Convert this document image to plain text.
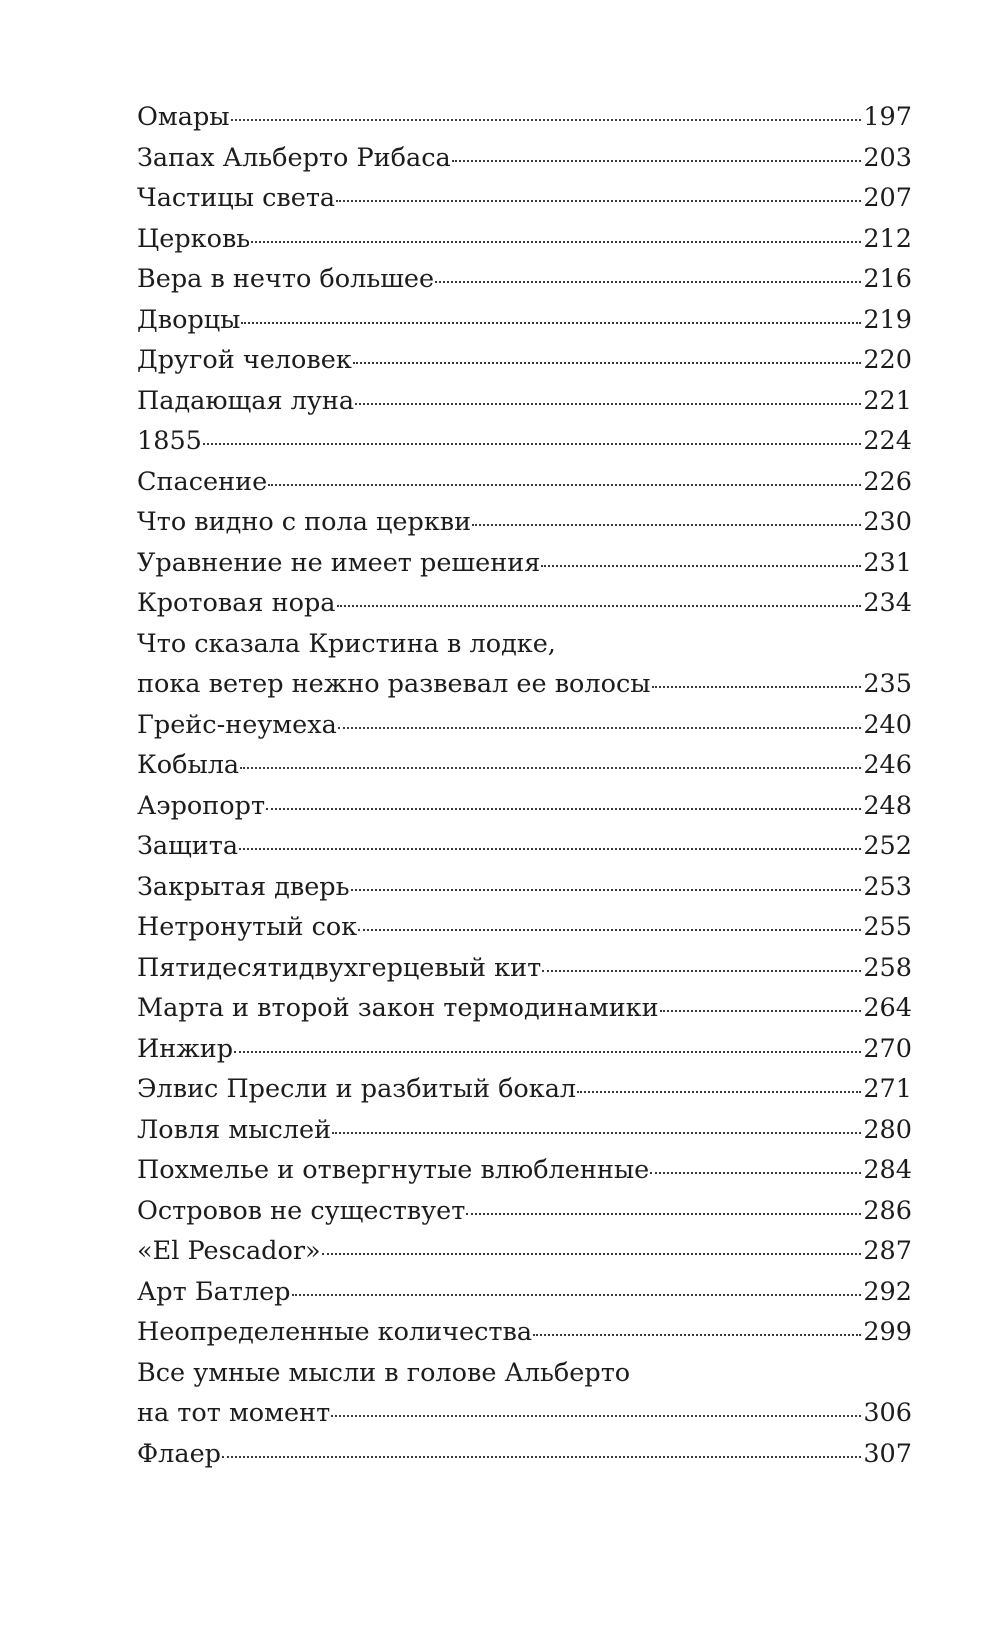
Омары	197
Запах Альберто Рибаса	203
Частицы света	207
Церковь	212
Вера в нечто большее	216
Дворцы	219
Другой человек	220
Падающая луна	221
1855	224
Спасение	226
Что видно с пола церкви	230
Уравнение не имеет решения	231
Кротовая нора	234
Что сказала Кристина в лодке,
пока ветер нежно развевал ее волосы	235
Грейс-неумеха	240
Кобыла	246
Аэропорт	248
Защита	252
Закрытая дверь	253
Нетронутый сок	255
Пятидесятидвухгерцевый кит	258
Марта и второй закон термодинамики	264
Инжир	270
Элвис Пресли и разбитый бокал	271
Ловля мыслей	280
Похмелье и отвергнутые влюбленные	284
Островов не существует	286
«El Pescador»	287
Арт Батлер	292
Неопределенные количества	299
Все умные мысли в голове Альберто
на тот момент	306
Флаер	307
